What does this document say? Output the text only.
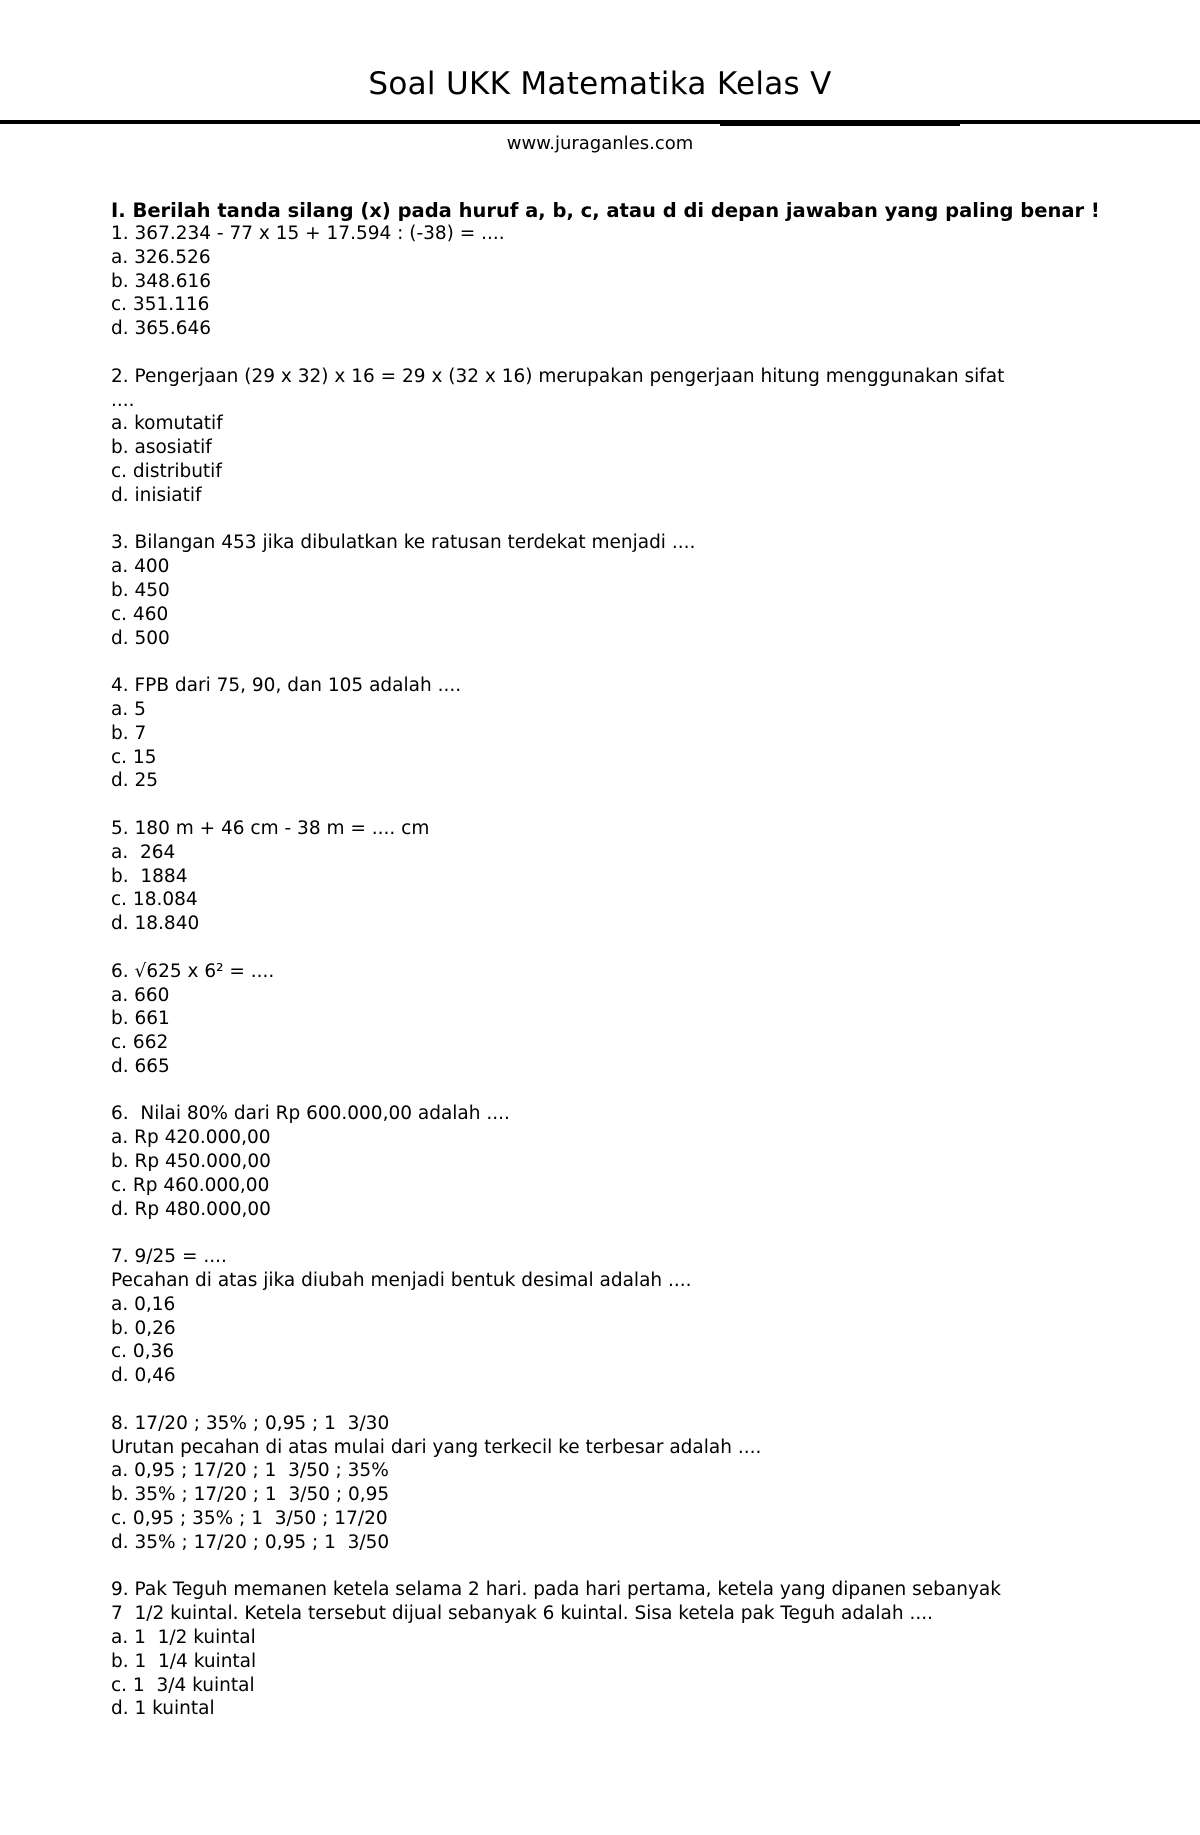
Soal UKK Matematika Kelas V
www.juraganles.com

I. Berilah tanda silang (x) pada huruf a, b, c, atau d di depan jawaban yang paling benar !

1. 367.234 - 77 x 15 + 17.594 : (-38) = ....
a. 326.526
b. 348.616
c. 351.116
d. 365.646
2. Pengerjaan (29 x 32) x 16 = 29 x (32 x 16) merupakan pengerjaan hitung menggunakan sifat
....
a. komutatif
b. asosiatif
c. distributif
d. inisiatif
3. Bilangan 453 jika dibulatkan ke ratusan terdekat menjadi ....
a. 400
b. 450
c. 460
d. 500
4. FPB dari 75, 90, dan 105 adalah ....
a. 5
b. 7
c. 15
d. 25
5. 180 m + 46 cm - 38 m = .... cm
a.  264
b.  1884
c. 18.084
d. 18.840
6. √625 x 6² = ....
a. 660
b. 661
c. 662
d. 665
6.  Nilai 80% dari Rp 600.000,00 adalah ....
a. Rp 420.000,00
b. Rp 450.000,00
c. Rp 460.000,00
d. Rp 480.000,00
7. 9/25 = ....
Pecahan di atas jika diubah menjadi bentuk desimal adalah ....
a. 0,16
b. 0,26
c. 0,36
d. 0,46
8. 17/20 ; 35% ; 0,95 ; 1  3/30
Urutan pecahan di atas mulai dari yang terkecil ke terbesar adalah ....
a. 0,95 ; 17/20 ; 1  3/50 ; 35%
b. 35% ; 17/20 ; 1  3/50 ; 0,95
c. 0,95 ; 35% ; 1  3/50 ; 17/20
d. 35% ; 17/20 ; 0,95 ; 1  3/50
9. Pak Teguh memanen ketela selama 2 hari. pada hari pertama, ketela yang dipanen sebanyak
7  1/2 kuintal. Ketela tersebut dijual sebanyak 6 kuintal. Sisa ketela pak Teguh adalah ....
a. 1  1/2 kuintal
b. 1  1/4 kuintal
c. 1  3/4 kuintal
d. 1 kuintal
